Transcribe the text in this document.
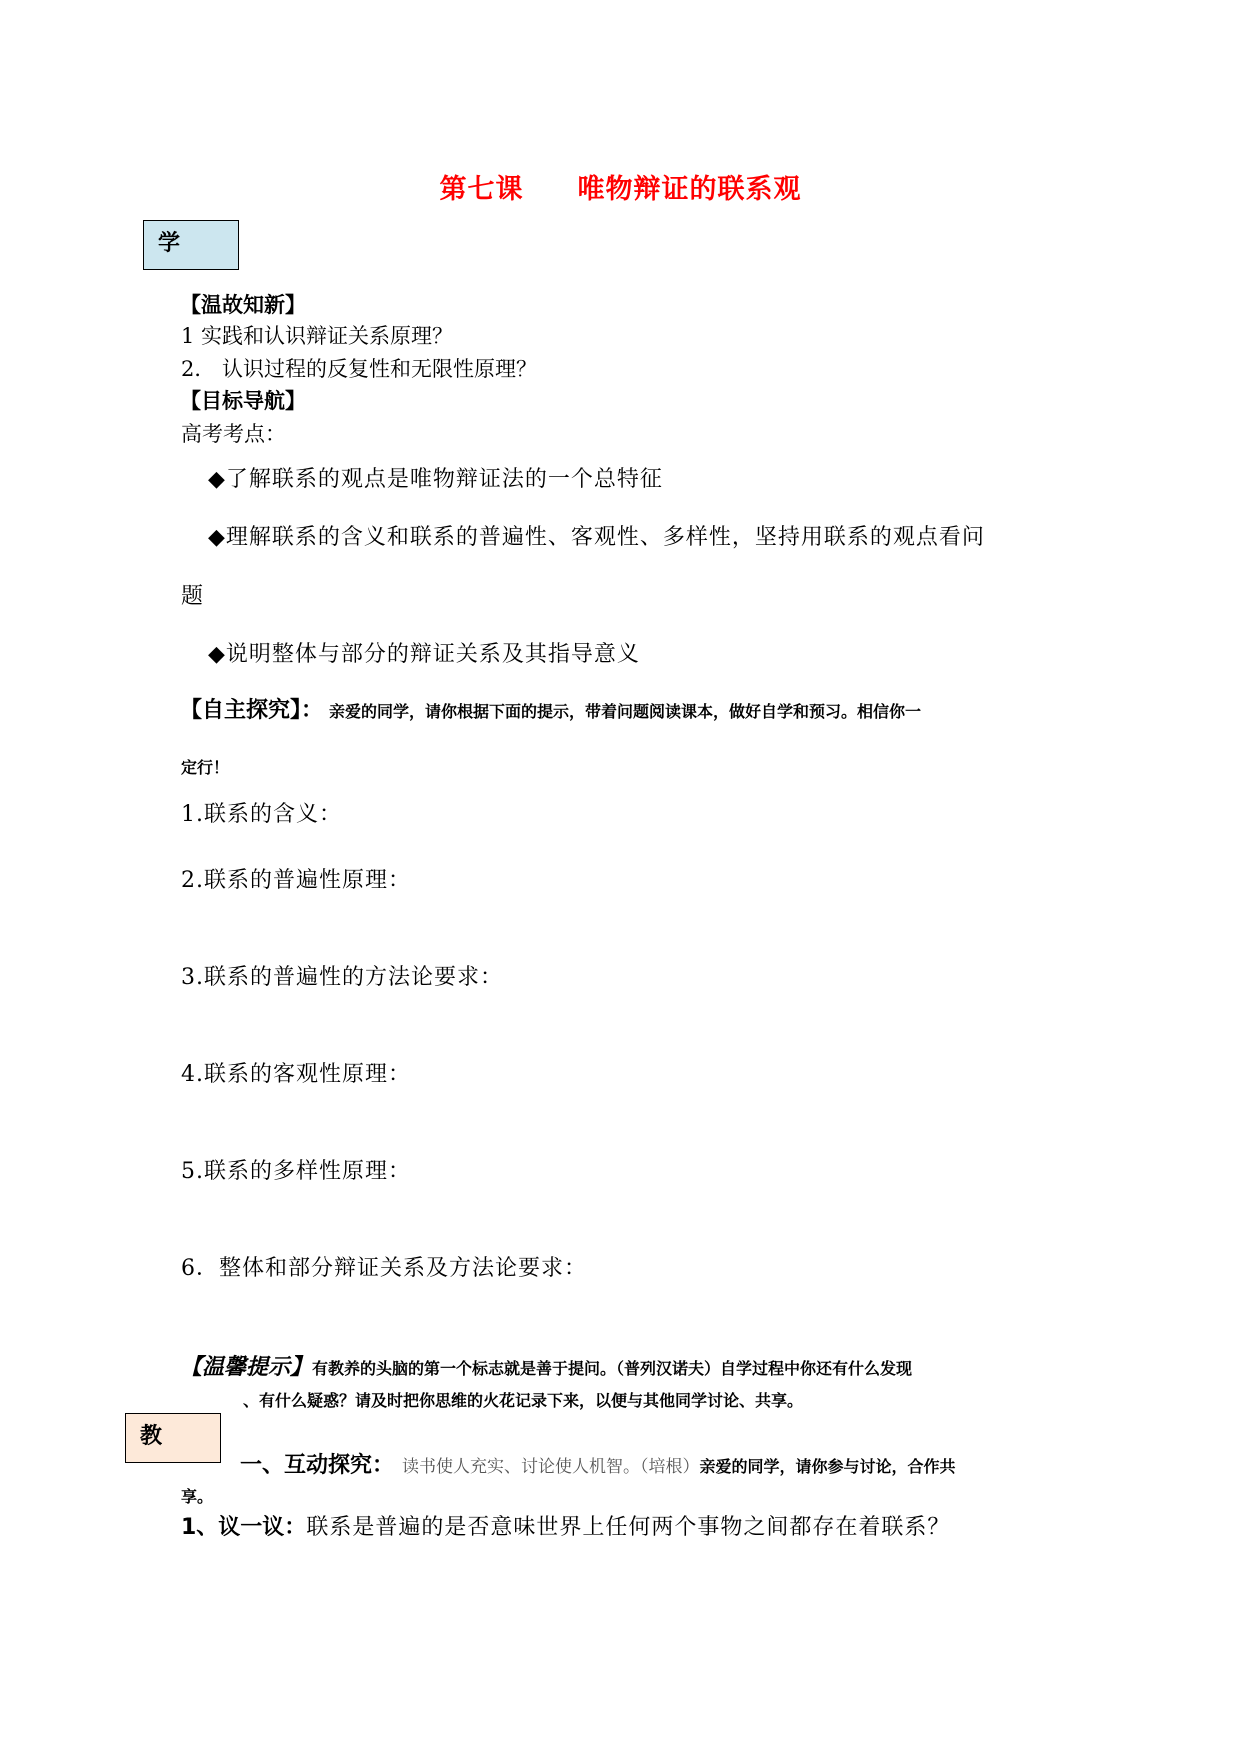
第七课 唯物辩证的联系观
学
【温故知新】
1 实践和认识辩证关系原理？
2． 认识过程的反复性和无限性原理？
【目标导航】
高考考点：
◆了解联系的观点是唯物辩证法的一个总特征
◆理解联系的含义和联系的普遍性、客观性、多样性，坚持用联系的观点看问
题
◆说明整体与部分的辩证关系及其指导意义
【自主探究】： 亲爱的同学，请你根据下面的提示，带着问题阅读课本，做好自学和预习。相信你一
定行！
1.联系的含义：
2.联系的普遍性原理：
3.联系的普遍性的方法论要求：
4.联系的客观性原理：
5.联系的多样性原理：
6．整体和部分辩证关系及方法论要求：
【温馨提示】有教养的头脑的第一个标志就是善于提问。（普列汉诺夫）自学过程中你还有什么发现
、有什么疑惑？请及时把你思维的火花记录下来，以便与其他同学讨论、共享。
教
一、互动探究： 读书使人充实、讨论使人机智。（培根）亲爱的同学，请你参与讨论，合作共
享。
1、议一议：联系是普遍的是否意味世界上任何两个事物之间都存在着联系？
